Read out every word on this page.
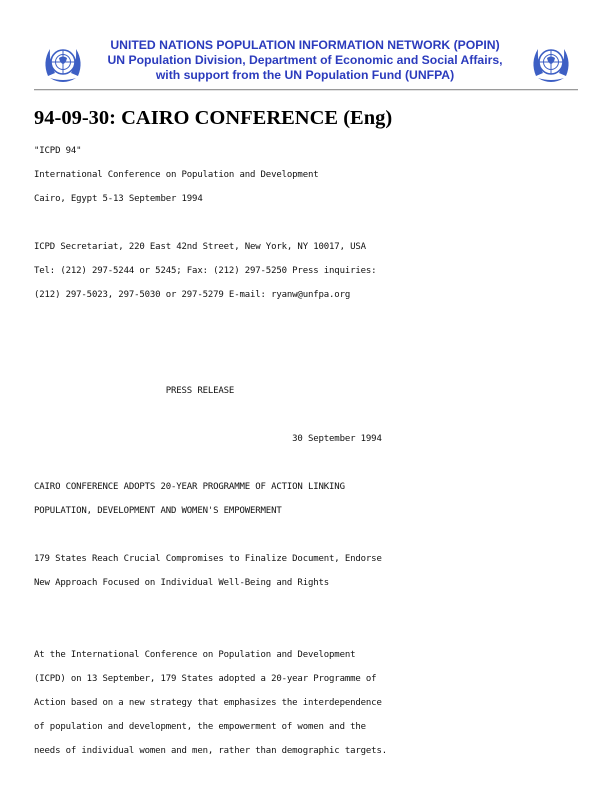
UNITED NATIONS POPULATION INFORMATION NETWORK (POPIN)
UN Population Division, Department of Economic and Social Affairs,
with support from the UN Population Fund (UNFPA)
94-09-30: CAIRO CONFERENCE (Eng)

"ICPD 94"

International Conference on Population and Development

Cairo, Egypt 5-13 September 1994

ICPD Secretariat, 220 East 42nd Street, New York, NY 10017, USA

Tel: (212) 297-5244 or 5245; Fax: (212) 297-5250 Press inquiries:

(212) 297-5023, 297-5030 or 297-5279 E-mail: ryanw@unfpa.org

PRESS RELEASE

30 September 1994

CAIRO CONFERENCE ADOPTS 20-YEAR PROGRAMME OF ACTION LINKING

POPULATION, DEVELOPMENT AND WOMEN'S EMPOWERMENT

179 States Reach Crucial Compromises to Finalize Document, Endorse

New Approach Focused on Individual Well-Being and Rights

At the International Conference on Population and Development

(ICPD) on 13 September, 179 States adopted a 20-year Programme of

Action based on a new strategy that emphasizes the interdependence

of population and development, the empowerment of women and the

needs of individual women and men, rather than demographic targets.
